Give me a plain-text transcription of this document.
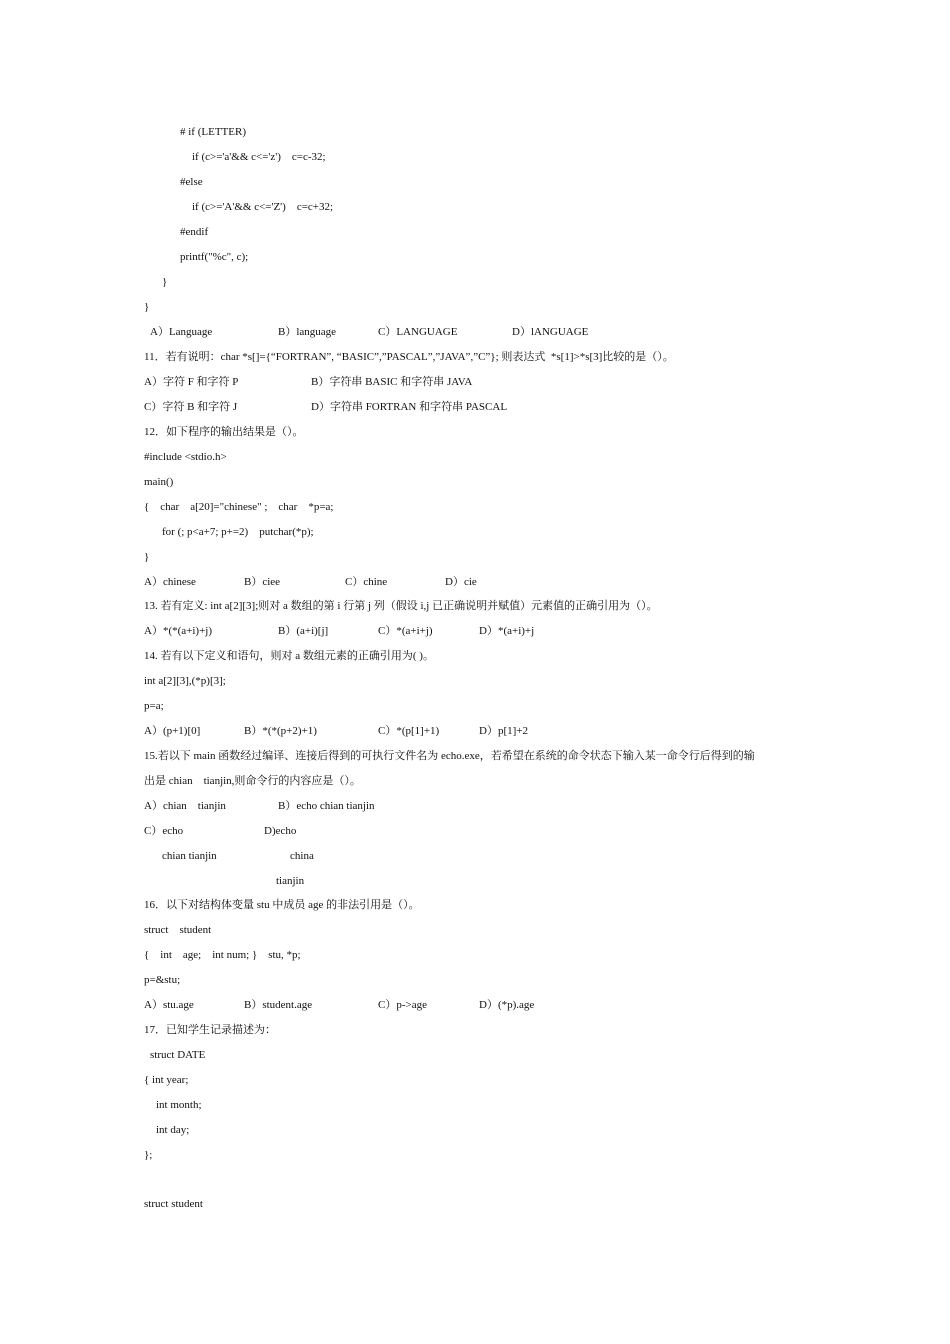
# if (LETTER)
if (c>='a'&& c<='z')    c=c-32;
#else
if (c>='A'&& c<='Z')    c=c+32;
#endif
printf("%c", c);
}
}
A）Language	B）language	C）LANGUAGE	D）lANGUAGE
11．若有说明：char *s[]={“FORTRAN”, “BASIC”,”PASCAL”,”JAVA”,”C”}; 则表达式  *s[1]>*s[3]比较的是（）。
A）字符 F 和字符 P	B）字符串 BASIC 和字符串 JAVA
C）字符 B 和字符 J	D）字符串 FORTRAN 和字符串 PASCAL
12．如下程序的输出结果是（）。
#include <stdio.h>
main()
{    char    a[20]="chinese" ;    char    *p=a;
for (; p<a+7; p+=2)    putchar(*p);
}
A）chinese	B）ciee	C）chine	D）cie
13. 若有定义: int a[2][3];则对 a 数组的第 i 行第 j 列（假设 i,j 已正确说明并赋值）元素值的正确引用为（）。
A）*(*(a+i)+j)	B）(a+i)[j]	C）*(a+i+j)	D）*(a+i)+j
14. 若有以下定义和语句，则对 a 数组元素的正确引用为( )。
int a[2][3],(*p)[3];
p=a;
A）(p+1)[0]	B）*(*(p+2)+1)	C）*(p[1]+1)	D）p[1]+2
15.若以下 main 函数经过编译、连接后得到的可执行文件名为 echo.exe，若希望在系统的命令状态下输入某一命令行后得到的输
出是 chian    tianjin,则命令行的内容应是（）。
A）chian    tianjin	B）echo chian tianjin
C）echo	D)echo
chian tianjin	china
tianjin
16．以下对结构体变量 stu 中成员 age 的非法引用是（）。
struct    student
{    int    age;    int num; }    stu, *p;
p=&stu;
A）stu.age	B）student.age	C）p->age	D）(*p).age
17．已知学生记录描述为：
struct DATE
{ int year;
int month;
int day;
};
struct student
